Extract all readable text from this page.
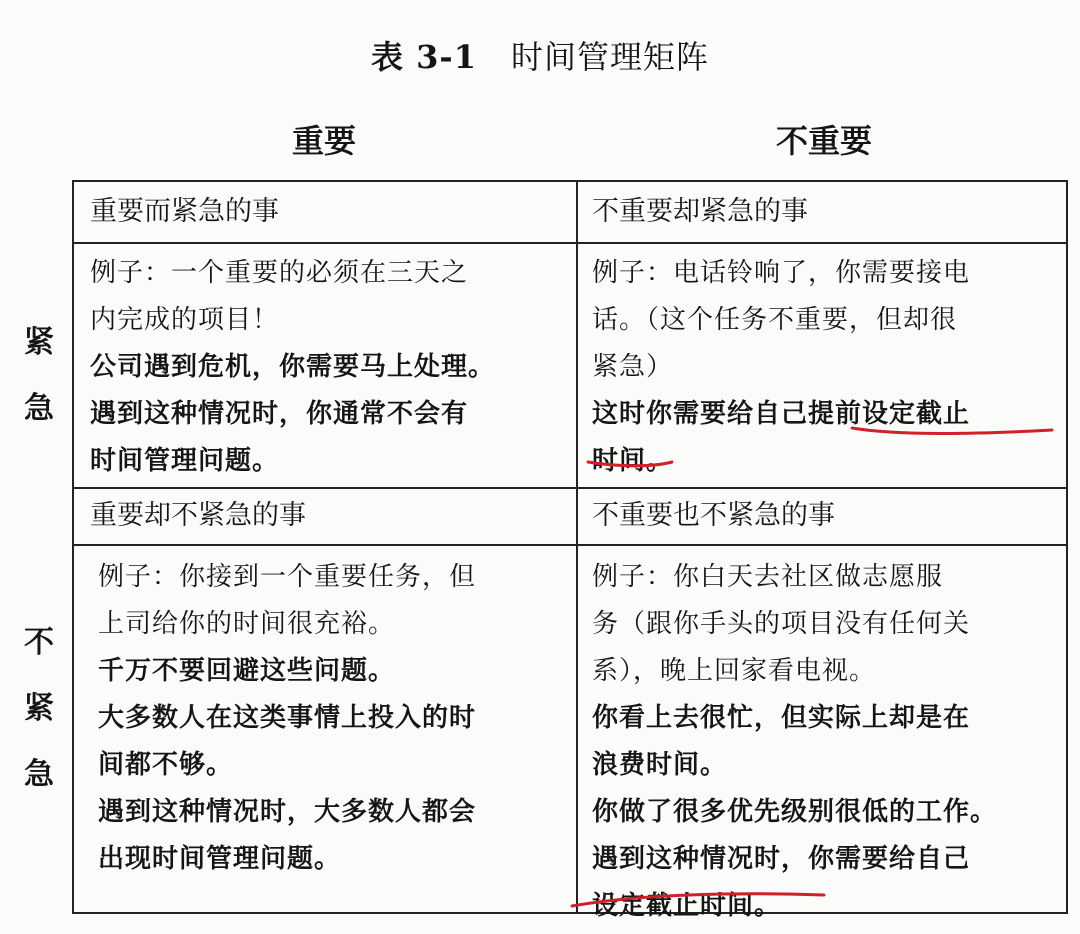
表 3-1 时间管理矩阵
重要	不重要
紧
急
不
紧
急
重要而紧急的事

例子：一个重要的必须在三天之

内完成的项目！

公司遇到危机，你需要马上处理。

遇到这种情况时，你通常不会有

时间管理问题。

不重要却紧急的事

例子：电话铃响了，你需要接电

话。（这个任务不重要，但却很

紧急）

这时你需要给自己提前设定截止

时间。

重要却不紧急的事

例子：你接到一个重要任务，但

上司给你的时间很充裕。

千万不要回避这些问题。

大多数人在这类事情上投入的时

间都不够。

遇到这种情况时，大多数人都会

出现时间管理问题。

不重要也不紧急的事

例子：你白天去社区做志愿服

务（跟你手头的项目没有任何关

系），晚上回家看电视。

你看上去很忙，但实际上却是在

浪费时间。

你做了很多优先级别很低的工作。

遇到这种情况时，你需要给自己

设定截止时间。
